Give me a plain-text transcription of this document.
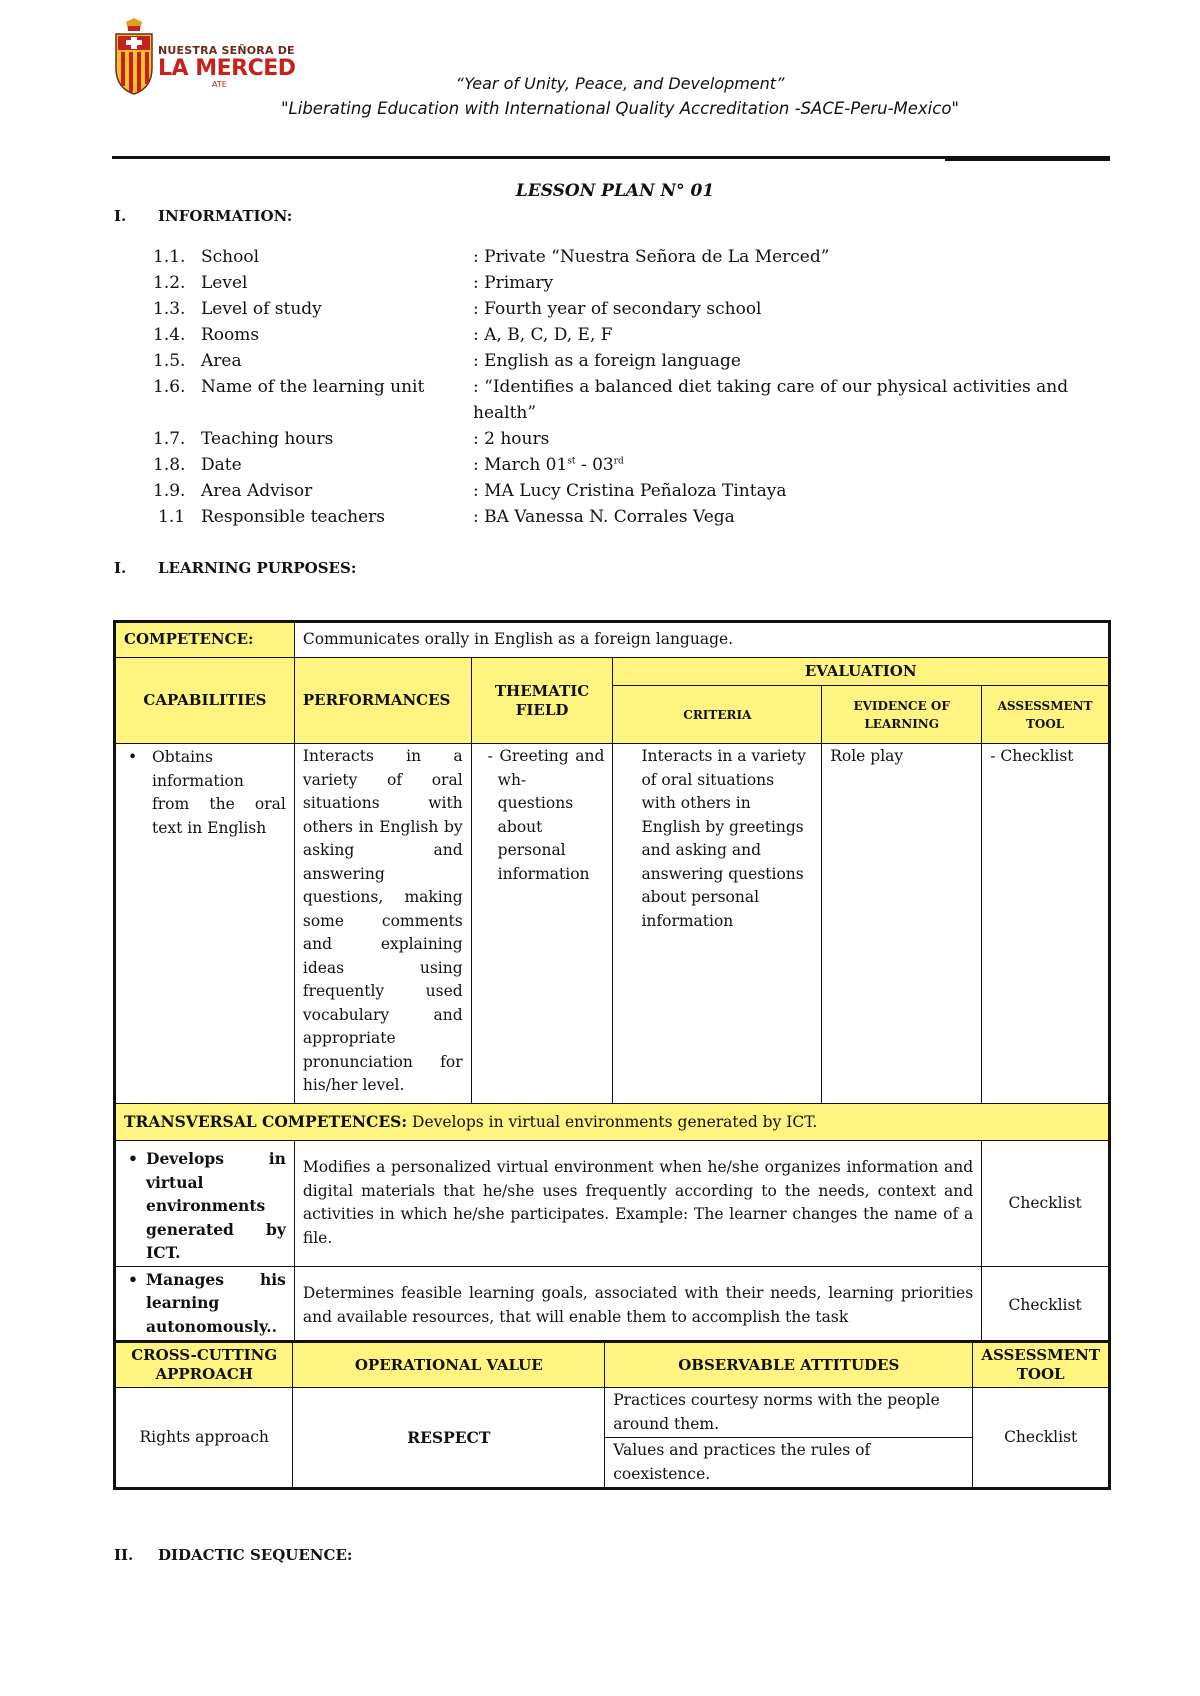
NUESTRA SEÑORA DE
LA MERCED
ATE	“Year of Unity, Peace, and Development”
"Liberating Education with International Quality Accreditation -SACE-Peru-Mexico"
LESSON PLAN N° 01
I. INFORMATION:
1.1. School	: Private “Nuestra Señora de La Merced”
1.2. Level	: Primary
1.3. Level of study	: Fourth year of secondary school
1.4. Rooms	: A, B, C, D, E, F
1.5. Area	: English as a foreign language
1.6. Name of the learning unit	: “Identifies a balanced diet taking care of our physical activities and health”
1.7. Teaching hours	: 2 hours
1.8. Date	: March 01st - 03rd
1.9. Area Advisor	: MA Lucy Cristina Peñaloza Tintaya
1.1 Responsible teachers	: BA Vanessa N. Corrales Vega
I. LEARNING PURPOSES:
COMPETENCE:	Communicates orally in English as a foreign language.				
CAPABILITIES	PERFORMANCES	THEMATIC FIELD	EVALUATION		
			CRITERIA	EVIDENCE OF LEARNING	ASSESSMENT TOOL

• Obtains information from the oral text in English	Interacts in a variety of oral situations with others in English by asking and answering questions, making some comments and explaining ideas using frequently used vocabulary and appropriate pronunciation for his/her level.	- Greeting and wh- questions about personal information	Interacts in a variety of oral situations with others in English by greetings and asking and answering questions about personal information	Role play	- Checklist
TRANSVERSAL COMPETENCES: Develops in virtual environments generated by ICT.					

• Develops in virtual environments generated by ICT.	Modifies a personalized virtual environment when he/she organizes information and digital materials that he/she uses frequently according to the needs, context and activities in which he/she participates. Example: The learner changes the name of a file.				Checklist

• Manages his learning autonomously..	Determines feasible learning goals, associated with their needs, learning priorities and available resources, that will enable them to accomplish the task				Checklist
CROSS-CUTTING APPROACH	OPERATIONAL VALUE	OBSERVABLE ATTITUDES	ASSESSMENT TOOL
Rights approach	RESPECT	Practices courtesy norms with the people around them.	Checklist
		Values and practices the rules of coexistence.	
II. DIDACTIC SEQUENCE:
